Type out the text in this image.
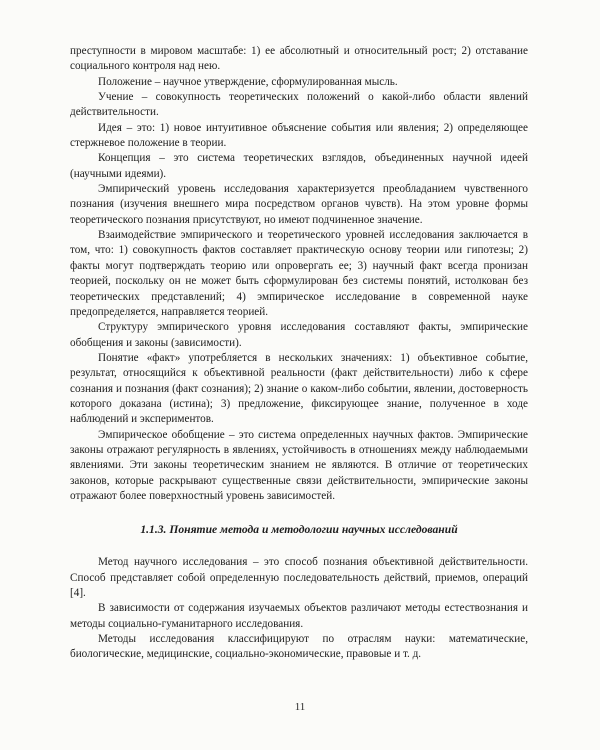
преступности в мировом масштабе: 1) ее абсолютный и относительный рост; 2) отставание социального контроля над нею.

Положение – научное утверждение, сформулированная мысль.

Учение – совокупность теоретических положений о какой-либо области явлений действительности.

Идея – это: 1) новое интуитивное объяснение события или явления; 2) определяющее стержневое положение в теории.

Концепция – это система теоретических взглядов, объединенных научной идеей (научными идеями).

Эмпирический уровень исследования характеризуется преобладанием чувственного познания (изучения внешнего мира посредством органов чувств). На этом уровне формы теоретического познания присутствуют, но имеют подчиненное значение.

Взаимодействие эмпирического и теоретического уровней исследования заключается в том, что: 1) совокупность фактов составляет практическую основу теории или гипотезы; 2) факты могут подтверждать теорию или опровергать ее; 3) научный факт всегда пронизан теорией, поскольку он не может быть сформулирован без системы понятий, истолкован без теоретических представлений; 4) эмпирическое исследование в современной науке предопределяется, направляется теорией.

Структуру эмпирического уровня исследования составляют факты, эмпирические обобщения и законы (зависимости).

Понятие «факт» употребляется в нескольких значениях: 1) объективное событие, результат, относящийся к объективной реальности (факт действительности) либо к сфере сознания и познания (факт сознания); 2) знание о каком-либо событии, явлении, достоверность которого доказана (истина); 3) предложение, фиксирующее знание, полученное в ходе наблюдений и экспериментов.

Эмпирическое обобщение – это система определенных научных фактов. Эмпирические законы отражают регулярность в явлениях, устойчивость в отношениях между наблюдаемыми явлениями. Эти законы теоретическим знанием не являются. В отличие от теоретических законов, которые раскрывают существенные связи действительности, эмпирические законы отражают более поверхностный уровень зависимостей.

1.1.3. Понятие метода и методологии научных исследований

Метод научного исследования – это способ познания объективной действительности. Способ представляет собой определенную последовательность действий, приемов, операций [4].

В зависимости от содержания изучаемых объектов различают методы естествознания и методы социально-гуманитарного исследования.

Методы исследования классифицируют по отраслям науки: математические, биологические, медицинские, социально-экономические, правовые и т. д.

11
